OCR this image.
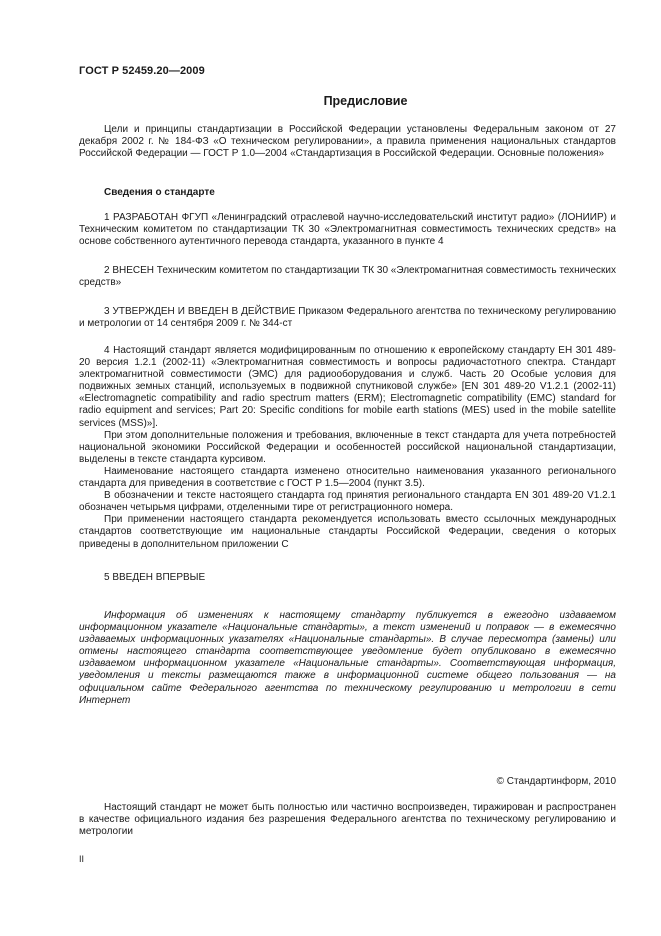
ГОСТ Р 52459.20—2009
Предисловие

Цели и принципы стандартизации в Российской Федерации установлены Федеральным законом от 27 декабря 2002 г. № 184-ФЗ «О техническом регулировании», а правила применения национальных стандартов Российской Федерации — ГОСТ Р 1.0—2004 «Стандартизация в Российской Федерации. Основные положения»

Сведения о стандарте

1 РАЗРАБОТАН ФГУП «Ленинградский отраслевой научно-исследовательский институт радио» (ЛОНИИР) и Техническим комитетом по стандартизации ТК 30 «Электромагнитная совместимость технических средств» на основе собственного аутентичного перевода стандарта, указанного в пункте 4

2 ВНЕСЕН Техническим комитетом по стандартизации ТК 30 «Электромагнитная совместимость технических средств»

3 УТВЕРЖДЕН И ВВЕДЕН В ДЕЙСТВИЕ Приказом Федерального агентства по техническому регулированию и метрологии от 14 сентября 2009 г. № 344-ст

4 Настоящий стандарт является модифицированным по отношению к европейскому стандарту ЕН 301 489-20 версия 1.2.1 (2002-11) «Электромагнитная совместимость и вопросы радиочастотного спектра. Стандарт электромагнитной совместимости (ЭМС) для радиооборудования и служб. Часть 20 Особые условия для подвижных земных станций, используемых в подвижной спутниковой службе» [EN 301 489-20 V1.2.1 (2002-11) «Electromagnetic compatibility and radio spectrum matters (ERM); Electromagnetic compatibility (EMC) standard for radio equipment and services; Part 20: Specific conditions for mobile earth stations (MES) used in the mobile satellite services (MSS)»].

При этом дополнительные положения и требования, включенные в текст стандарта для учета потребностей национальной экономики Российской Федерации и особенностей российской национальной стандартизации, выделены в тексте стандарта курсивом.

Наименование настоящего стандарта изменено относительно наименования указанного регионального стандарта для приведения в соответствие с ГОСТ Р 1.5—2004 (пункт 3.5).

В обозначении и тексте настоящего стандарта год принятия регионального стандарта EN 301 489-20 V1.2.1 обозначен четырьмя цифрами, отделенными тире от регистрационного номера.

При применении настоящего стандарта рекомендуется использовать вместо ссылочных международных стандартов соответствующие им национальные стандарты Российской Федерации, сведения о которых приведены в дополнительном приложении С

5 ВВЕДЕН ВПЕРВЫЕ

Информация об изменениях к настоящему стандарту публикуется в ежегодно издаваемом информационном указателе «Национальные стандарты», а текст изменений и поправок — в ежемесячно издаваемых информационных указателях «Национальные стандарты». В случае пересмотра (замены) или отмены настоящего стандарта соответствующее уведомление будет опубликовано в ежемесячно издаваемом информационном указателе «Национальные стандарты». Соответствующая информация, уведомления и тексты размещаются также в информационной системе общего пользования — на официальном сайте Федерального агентства по техническому регулированию и метрологии в сети Интернет

© Стандартинформ, 2010

Настоящий стандарт не может быть полностью или частично воспроизведен, тиражирован и распространен в качестве официального издания без разрешения Федерального агентства по техническому регулированию и метрологии

II
